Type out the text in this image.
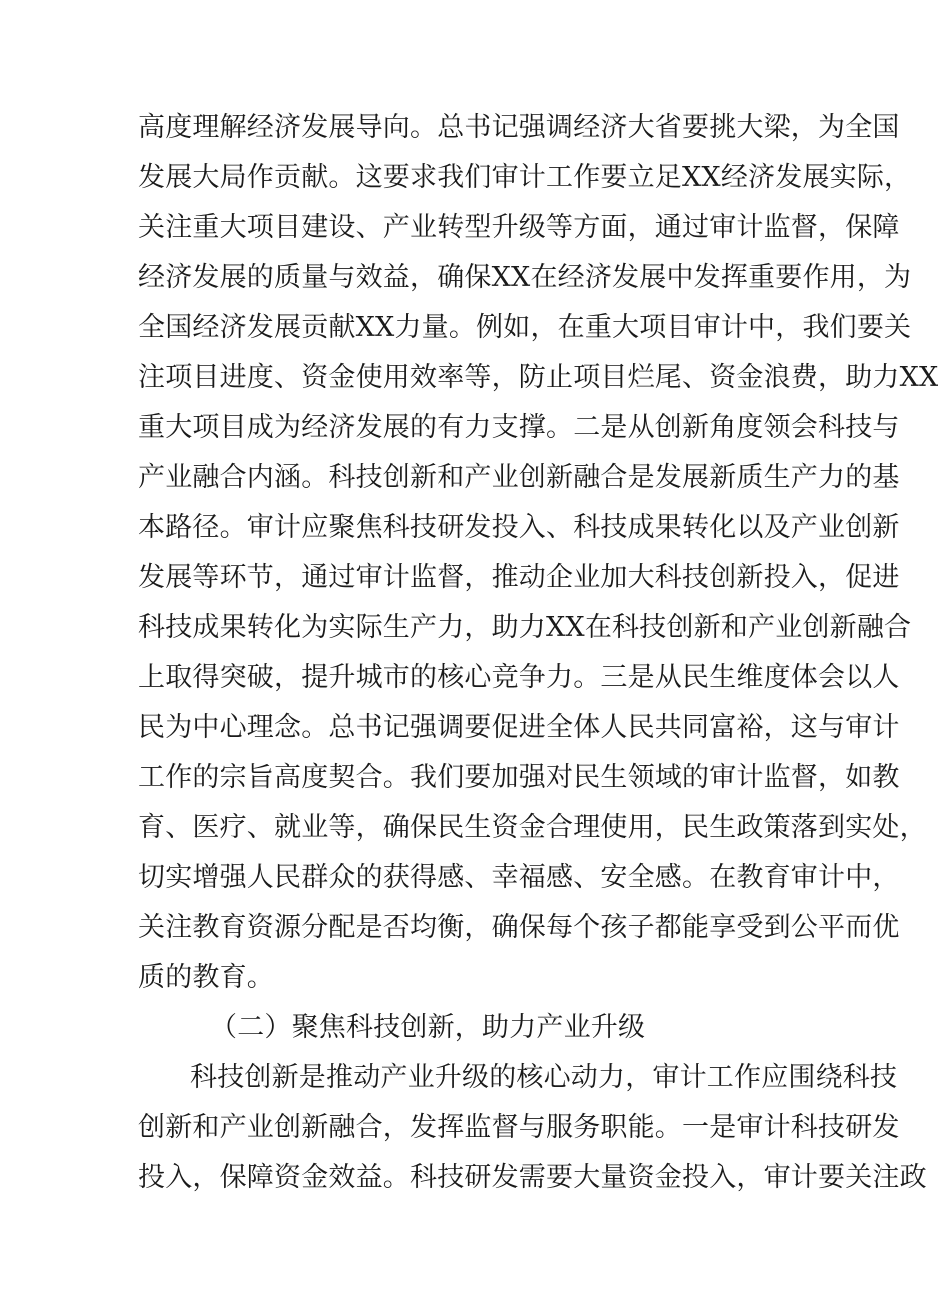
高度理解经济发展导向。总书记强调经济大省要挑大梁，为全国
发展大局作贡献。这要求我们审计工作要立足XX经济发展实际，
关注重大项目建设、产业转型升级等方面，通过审计监督，保障
经济发展的质量与效益，确保XX在经济发展中发挥重要作用，为
全国经济发展贡献XX力量。例如，在重大项目审计中，我们要关
注项目进度、资金使用效率等，防止项目烂尾、资金浪费，助力XX
重大项目成为经济发展的有力支撑。二是从创新角度领会科技与
产业融合内涵。科技创新和产业创新融合是发展新质生产力的基
本路径。审计应聚焦科技研发投入、科技成果转化以及产业创新
发展等环节，通过审计监督，推动企业加大科技创新投入，促进
科技成果转化为实际生产力，助力XX在科技创新和产业创新融合
上取得突破，提升城市的核心竞争力。三是从民生维度体会以人
民为中心理念。总书记强调要促进全体人民共同富裕，这与审计
工作的宗旨高度契合。我们要加强对民生领域的审计监督，如教
育、医疗、就业等，确保民生资金合理使用，民生政策落到实处，
切实增强人民群众的获得感、幸福感、安全感。在教育审计中，
关注教育资源分配是否均衡，确保每个孩子都能享受到公平而优
质的教育。
（二）聚焦科技创新，助力产业升级
科技创新是推动产业升级的核心动力，审计工作应围绕科技
创新和产业创新融合，发挥监督与服务职能。一是审计科技研发
投入，保障资金效益。科技研发需要大量资金投入，审计要关注政
